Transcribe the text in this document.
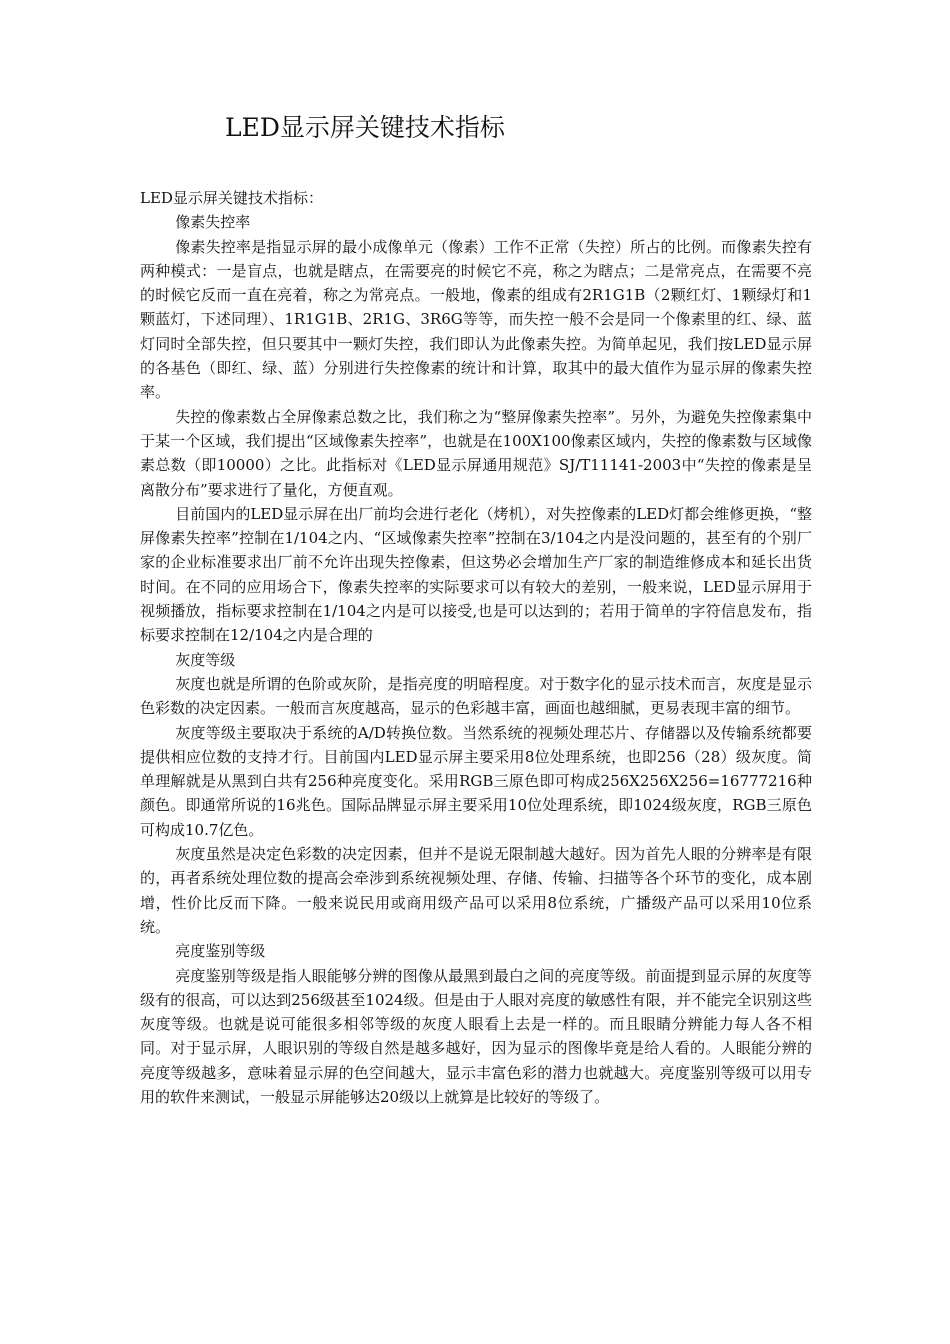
LED显示屏关键技术指标

LED显示屏关键技术指标：

像素失控率

像素失控率是指显示屏的最小成像单元（像素）工作不正常（失控）所占的比例。而像素失控有两种模式：一是盲点，也就是瞎点，在需要亮的时候它不亮，称之为瞎点；二是常亮点，在需要不亮的时候它反而一直在亮着，称之为常亮点。一般地，像素的组成有2R1G1B（2颗红灯、1颗绿灯和1颗蓝灯，下述同理）、1R1G1B、2R1G、3R6G等等，而失控一般不会是同一个像素里的红、绿、蓝灯同时全部失控，但只要其中一颗灯失控，我们即认为此像素失控。为简单起见，我们按LED显示屏的各基色（即红、绿、蓝）分别进行失控像素的统计和计算，取其中的最大值作为显示屏的像素失控率。

失控的像素数占全屏像素总数之比，我们称之为“整屏像素失控率”。另外，为避免失控像素集中于某一个区域，我们提出“区域像素失控率”，也就是在100X100像素区域内，失控的像素数与区域像素总数（即10000）之比。此指标对《LED显示屏通用规范》SJ/T11141-2003中“失控的像素是呈离散分布”要求进行了量化，方便直观。

目前国内的LED显示屏在出厂前均会进行老化（烤机），对失控像素的LED灯都会维修更换，“整屏像素失控率”控制在1/104之内、“区域像素失控率”控制在3/104之内是没问题的，甚至有的个别厂家的企业标准要求出厂前不允许出现失控像素，但这势必会增加生产厂家的制造维修成本和延长出货时间。在不同的应用场合下，像素失控率的实际要求可以有较大的差别，一般来说，LED显示屏用于视频播放，指标要求控制在1/104之内是可以接受,也是可以达到的；若用于简单的字符信息发布，指标要求控制在12/104之内是合理的

灰度等级

灰度也就是所谓的色阶或灰阶，是指亮度的明暗程度。对于数字化的显示技术而言，灰度是显示色彩数的决定因素。一般而言灰度越高，显示的色彩越丰富，画面也越细腻，更易表现丰富的细节。

灰度等级主要取决于系统的A/D转换位数。当然系统的视频处理芯片、存储器以及传输系统都要提供相应位数的支持才行。目前国内LED显示屏主要采用8位处理系统，也即256（28）级灰度。简单理解就是从黑到白共有256种亮度变化。采用RGB三原色即可构成256X256X256=16777216种颜色。即通常所说的16兆色。国际品牌显示屏主要采用10位处理系统，即1024级灰度，RGB三原色可构成10.7亿色。

灰度虽然是决定色彩数的决定因素，但并不是说无限制越大越好。因为首先人眼的分辨率是有限的，再者系统处理位数的提高会牵涉到系统视频处理、存储、传输、扫描等各个环节的变化，成本剧增，性价比反而下降。一般来说民用或商用级产品可以采用8位系统，广播级产品可以采用10位系统。

亮度鉴别等级

亮度鉴别等级是指人眼能够分辨的图像从最黑到最白之间的亮度等级。前面提到显示屏的灰度等级有的很高，可以达到256级甚至1024级。但是由于人眼对亮度的敏感性有限，并不能完全识别这些灰度等级。也就是说可能很多相邻等级的灰度人眼看上去是一样的。而且眼睛分辨能力每人各不相同。对于显示屏，人眼识别的等级自然是越多越好，因为显示的图像毕竟是给人看的。人眼能分辨的亮度等级越多，意味着显示屏的色空间越大，显示丰富色彩的潜力也就越大。亮度鉴别等级可以用专用的软件来测试，一般显示屏能够达20级以上就算是比较好的等级了。
